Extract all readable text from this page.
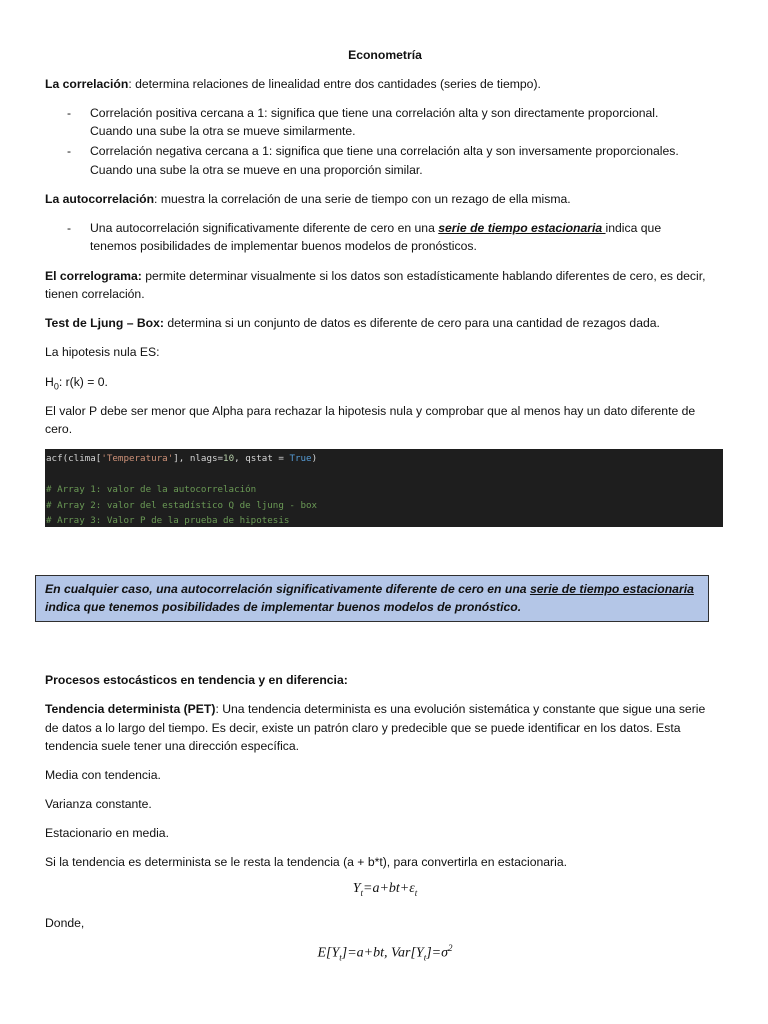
Econometría

La correlación: determina relaciones de linealidad entre dos cantidades (series de tiempo).

-	Correlación positiva cercana a 1: significa que tiene una correlación alta y son directamente proporcional.
Cuando una sube la otra se mueve similarmente.
-	Correlación negativa cercana a 1: significa que tiene una correlación alta y son inversamente proporcionales.
Cuando una sube la otra se mueve en una proporción similar.

La autocorrelación: muestra la correlación de una serie de tiempo con un rezago de ella misma.

-	Una autocorrelación significativamente diferente de cero en una serie de tiempo estacionaria indica que
tenemos posibilidades de implementar buenos modelos de pronósticos.

El correlograma: permite determinar visualmente si los datos son estadísticamente hablando diferentes de cero, es decir,

tienen correlación.

Test de Ljung – Box: determina si un conjunto de datos es diferente de cero para una cantidad de rezagos dada.

La hipotesis nula ES:

$H_0$: r(k) = 0.

El valor P debe ser menor que Alpha para rechazar la hipotesis nula y comprobar que al menos hay un dato diferente de

cero.

acf(clima['Temperatura'], nlags=10, qstat = True)

# Array 1: valor de la autocorrelación
# Array 2: valor del estadístico Q de ljung - box
# Array 3: Valor P de la prueba de hipotesis
En cualquier caso, una autocorrelación significativamente diferente de cero en una serie de tiempo estacionaria
indica que tenemos posibilidades de implementar buenos modelos de pronóstico.

Procesos estocásticos en tendencia y en diferencia:

Tendencia determinista (PET): Una tendencia determinista es una evolución sistemática y constante que sigue una serie

de datos a lo largo del tiempo. Es decir, existe un patrón claro y predecible que se puede identificar en los datos. Esta

tendencia suele tener una dirección específica.

Media con tendencia.

Varianza constante.

Estacionario en media.

Si la tendencia es determinista se le resta la tendencia (a + b*t), para convertirla en estacionaria.

$Y_t=a+bt+\varepsilon_t$

Donde,

$E[Y_t]=a+bt$, $Var[Y_t]=\sigma^2$
